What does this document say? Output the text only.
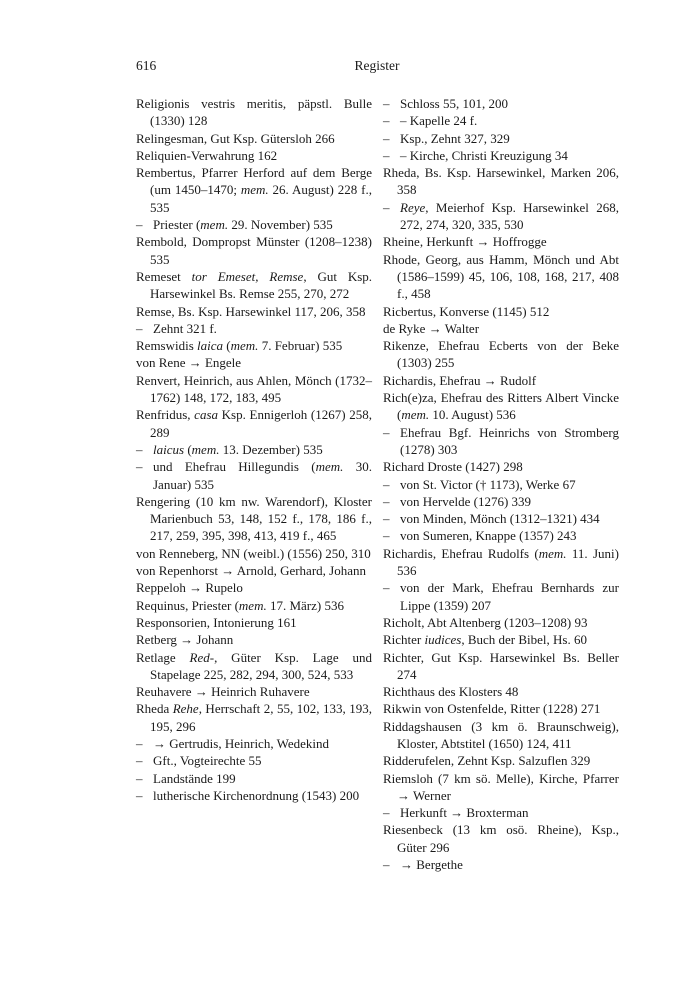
616	Register
Religionis vestris meritis, päpstl. Bulle (1330) 128
Relingesman, Gut Ksp. Gütersloh 266
Reliquien-Verwahrung 162
Rembertus, Pfarrer Herford auf dem Berge (um 1450–1470; mem. 26. August) 228 f., 535
– Priester (mem. 29. November) 535
Rembold, Dompropst Münster (1208–1238) 535
Remeset tor Emeset, Remse, Gut Ksp. Harsewinkel Bs. Remse 255, 270, 272
Remse, Bs. Ksp. Harsewinkel 117, 206, 358
– Zehnt 321 f.
Remswidis laica (mem. 7. Februar) 535
von Rene → Engele
Renvert, Heinrich, aus Ahlen, Mönch (1732–1762) 148, 172, 183, 495
Renfridus, casa Ksp. Ennigerloh (1267) 258, 289
– laicus (mem. 13. Dezember) 535
– und Ehefrau Hillegundis (mem. 30. Januar) 535
Rengering (10 km nw. Warendorf), Kloster Marienbuch 53, 148, 152 f., 178, 186 f., 217, 259, 395, 398, 413, 419 f., 465
von Renneberg, NN (weibl.) (1556) 250, 310
von Repenhorst → Arnold, Gerhard, Johann
Reppeloh → Rupelo
Requinus, Priester (mem. 17. März) 536
Responsorien, Intonierung 161
Retberg → Johann
Retlage Red-, Güter Ksp. Lage und Stapelage 225, 282, 294, 300, 524, 533
Reuhavere → Heinrich Ruhavere
Rheda Rehe, Herrschaft 2, 55, 102, 133, 193, 195, 296
– → Gertrudis, Heinrich, Wedekind
– Gft., Vogteirechte 55
– Landstände 199
– lutherische Kirchenordnung (1543) 200
– Schloss 55, 101, 200
– – Kapelle 24 f.
– Ksp., Zehnt 327, 329
– – Kirche, Christi Kreuzigung 34
Rheda, Bs. Ksp. Harsewinkel, Marken 206, 358
– Reye, Meierhof Ksp. Harsewinkel 268, 272, 274, 320, 335, 530
Rheine, Herkunft → Hoffrogge
Rhode, Georg, aus Hamm, Mönch und Abt (1586–1599) 45, 106, 108, 168, 217, 408 f., 458
Ricbertus, Konverse (1145) 512
de Ryke → Walter
Rikenze, Ehefrau Ecberts von der Beke (1303) 255
Richardis, Ehefrau → Rudolf
Rich(e)za, Ehefrau des Ritters Albert Vincke (mem. 10. August) 536
– Ehefrau Bgf. Heinrichs von Stromberg (1278) 303
Richard Droste (1427) 298
– von St. Victor († 1173), Werke 67
– von Hervelde (1276) 339
– von Minden, Mönch (1312–1321) 434
– von Sumeren, Knappe (1357) 243
Richardis, Ehefrau Rudolfs (mem. 11. Juni) 536
– von der Mark, Ehefrau Bernhards zur Lippe (1359) 207
Richolt, Abt Altenberg (1203–1208) 93
Richter iudices, Buch der Bibel, Hs. 60
Richter, Gut Ksp. Harsewinkel Bs. Beller 274
Richthaus des Klosters 48
Rikwin von Ostenfelde, Ritter (1228) 271
Riddagshausen (3 km ö. Braunschweig), Kloster, Abtstitel (1650) 124, 411
Ridderufelen, Zehnt Ksp. Salzuflen 329
Riemsloh (7 km sö. Melle), Kirche, Pfarrer → Werner
– Herkunft → Broxterman
Riesenbeck (13 km osö. Rheine), Ksp., Güter 296
– → Bergethe
